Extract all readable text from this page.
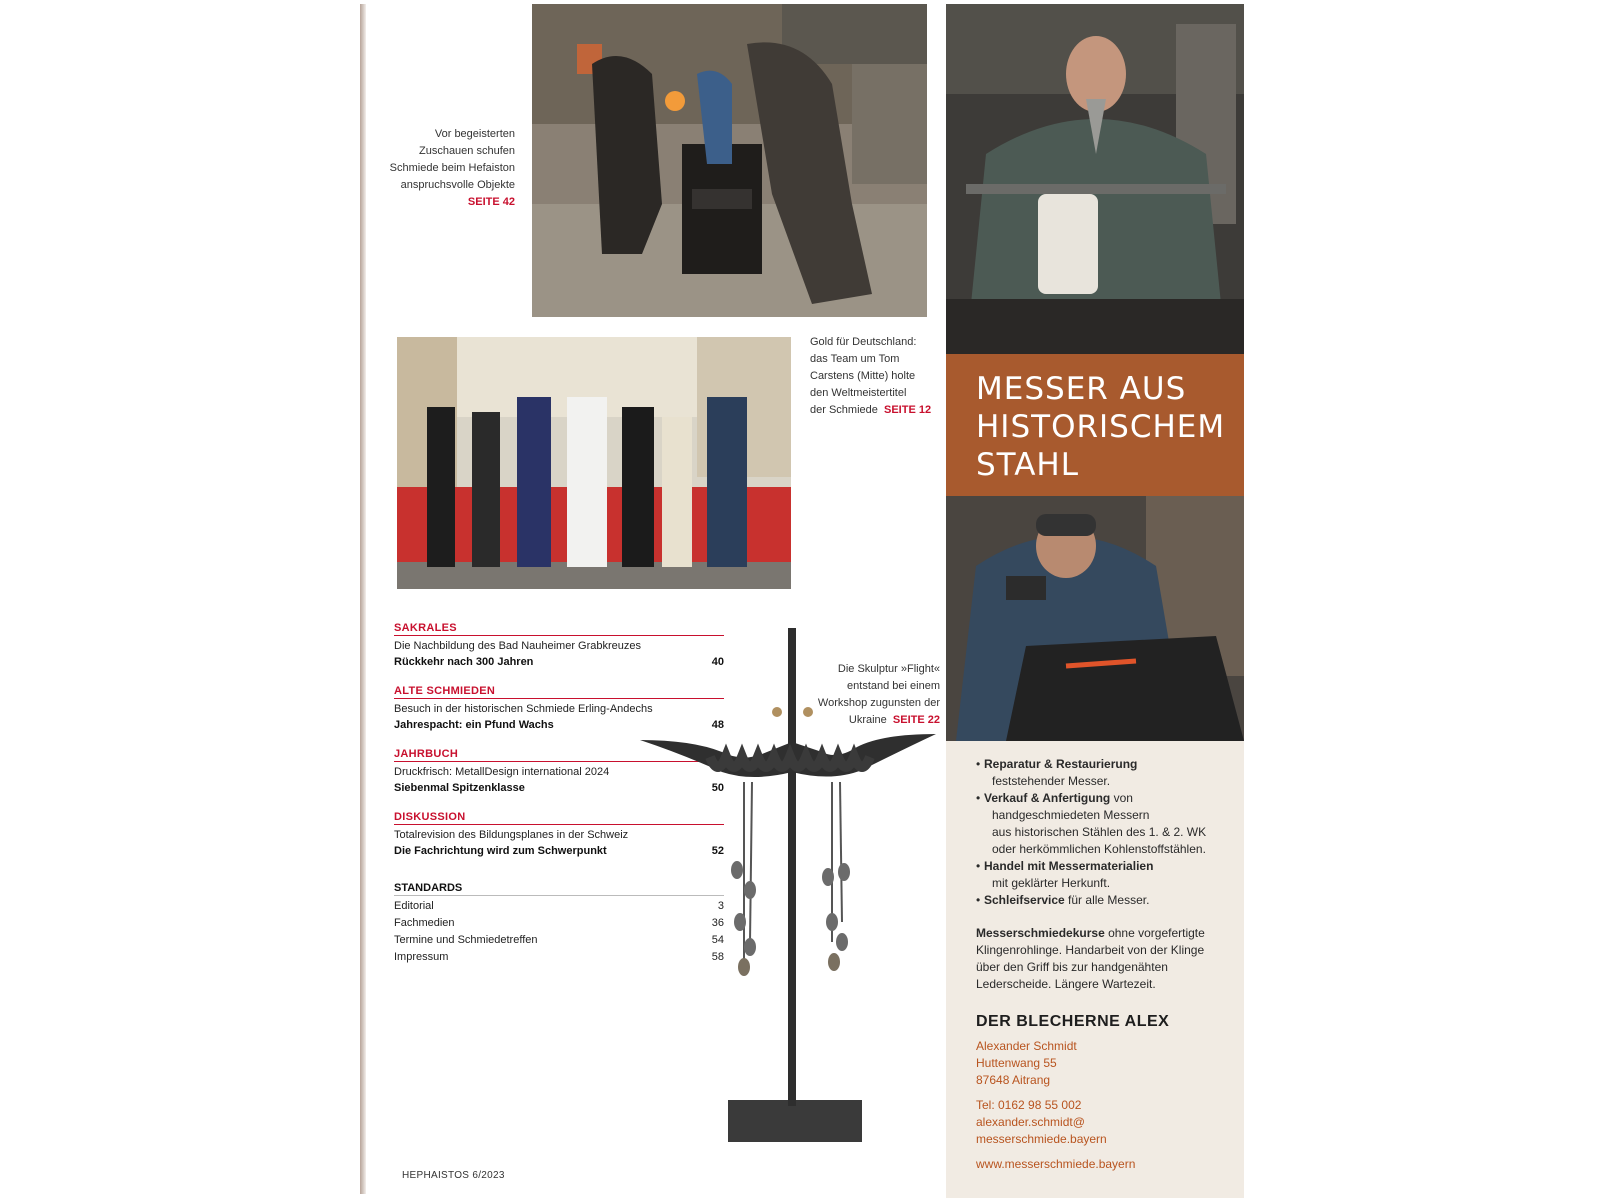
Vor begeisterten
Zuschauen schufen
Schmiede beim Hefaiston
anspruchsvolle Objekte
SEITE 42
Gold für Deutschland:
das Team um Tom
Carstens (Mitte) holte
den Weltmeistertitel
der Schmiede SEITE 12
SAKRALES
Die Nachbildung des Bad Nauheimer Grabkreuzes
Rückkehr nach 300 Jahren	40
ALTE SCHMIEDEN
Besuch in der historischen Schmiede Erling-Andechs
Jahrespacht: ein Pfund Wachs	48
JAHRBUCH
Druckfrisch: MetallDesign international 2024
Siebenmal Spitzenklasse	50
DISKUSSION
Totalrevision des Bildungsplanes in der Schweiz
Die Fachrichtung wird zum Schwerpunkt	52
STANDARDS
Editorial	3
Fachmedien	36
Termine und Schmiedetreffen	54
Impressum	58
Die Skulptur »Flight«
entstand bei einem
Workshop zugunsten der
Ukraine SEITE 22
HEPHAISTOS 6/2023
MESSER AUS
HISTORISCHEM
STAHL
• Reparatur & Restaurierung
feststehender Messer.
• Verkauf & Anfertigung von
handgeschmiedeten Messern
aus historischen Stählen des 1. & 2. WK
oder herkömmlichen Kohlenstoffstählen.
• Handel mit Messermaterialien
mit geklärter Herkunft.
• Schleifservice für alle Messer.
Messerschmiedekurse ohne vorgefertigte Klingenrohlinge. Handarbeit von der Klinge über den Griff bis zur handgenähten Lederscheide. Längere Wartezeit.
DER BLECHERNE ALEX
Alexander Schmidt
Huttenwang 55
87648 Aitrang
Tel: 0162 98 55 002
alexander.schmidt@
messerschmiede.bayern
www.messerschmiede.bayern
